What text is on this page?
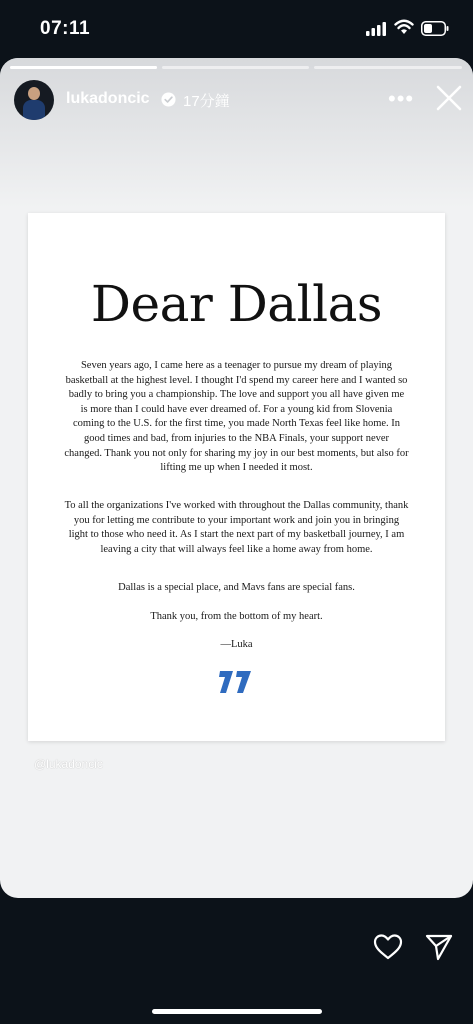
07:11
lukadoncic 17分鐘	•••
Dear Dallas
Seven years ago, I came here as a teenager to pursue my dream of playing basketball at the highest level. I thought I'd spend my career here and I wanted so badly to bring you a championship. The love and support you all have given me is more than I could have ever dreamed of. For a young kid from Slovenia coming to the U.S. for the first time, you made North Texas feel like home. In good times and bad, from injuries to the NBA Finals, your support never changed. Thank you not only for sharing my joy in our best moments, but also for lifting me up when I needed it most.
To all the organizations I've worked with throughout the Dallas community, thank you for letting me contribute to your important work and join you in bringing light to those who need it. As I start the next part of my basketball journey, I am leaving a city that will always feel like a home away from home.
Dallas is a special place, and Mavs fans are special fans.
Thank you, from the bottom of my heart.
—Luka
@lukadoncic
